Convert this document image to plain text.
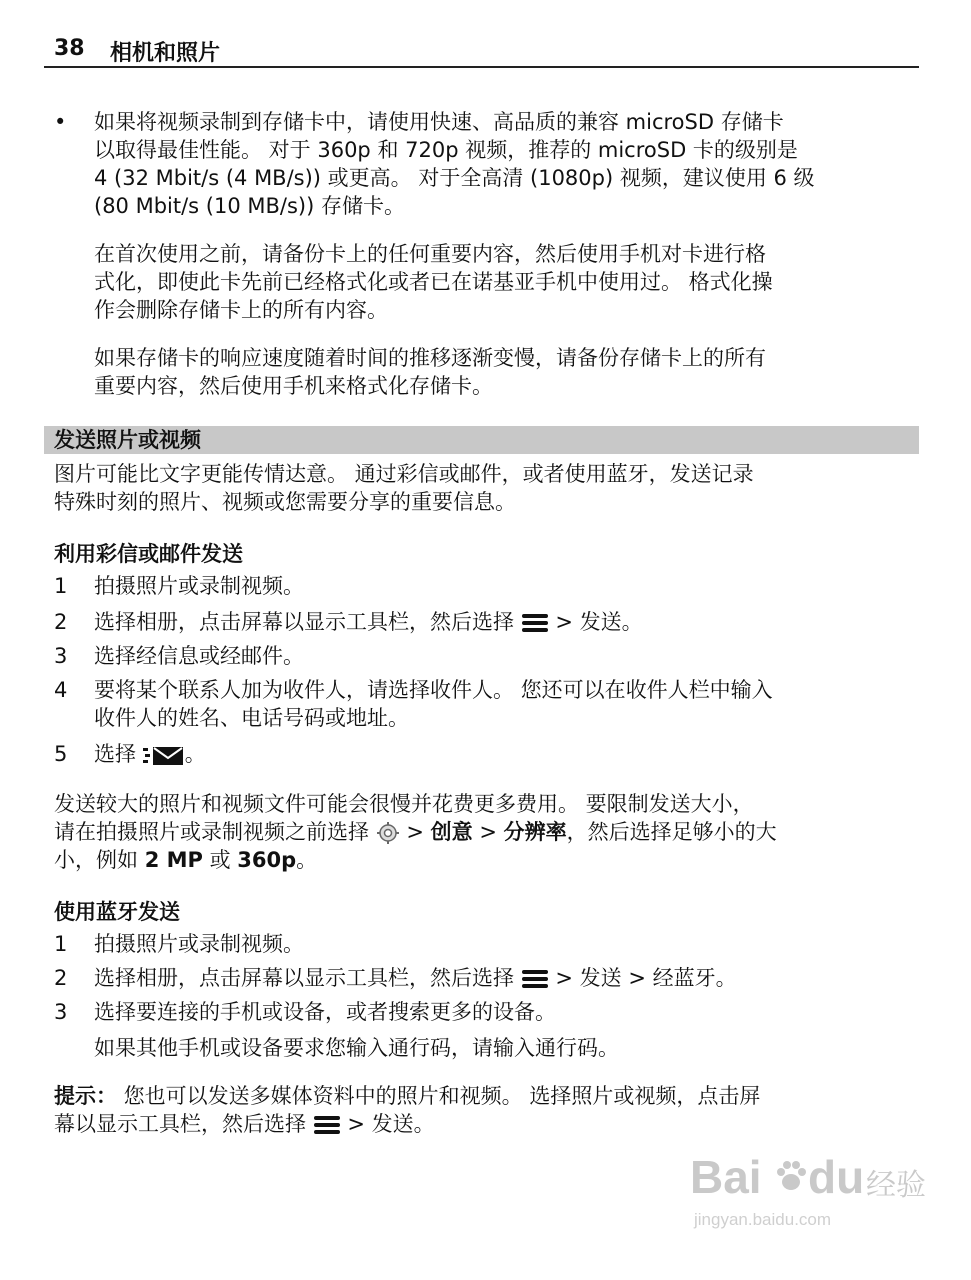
38 相机和照片
• 如果将视频录制到存储卡中，请使用快速、高品质的兼容 microSD 存储卡
以取得最佳性能。 对于 360p 和 720p 视频，推荐的 microSD 卡的级别是
4 (32 Mbit/s (4 MB/s)) 或更高。 对于全高清 (1080p) 视频，建议使用 6 级
(80 Mbit/s (10 MB/s)) 存储卡。
在首次使用之前，请备份卡上的任何重要内容，然后使用手机对卡进行格
式化，即使此卡先前已经格式化或者已在诺基亚手机中使用过。 格式化操
作会删除存储卡上的所有内容。
如果存储卡的响应速度随着时间的推移逐渐变慢，请备份存储卡上的所有
重要内容，然后使用手机来格式化存储卡。
发送照片或视频
图片可能比文字更能传情达意。 通过彩信或邮件，或者使用蓝牙，发送记录
特殊时刻的照片、视频或您需要分享的重要信息。
利用彩信或邮件发送
1 拍摄照片或录制视频。
2 选择相册，点击屏幕以显示工具栏，然后选择  > 发送。
3 选择经信息或经邮件。
4 要将某个联系人加为收件人，请选择收件人。 您还可以在收件人栏中输入
收件人的姓名、电话号码或地址。
5 选择 。
发送较大的照片和视频文件可能会很慢并花费更多费用。 要限制发送大小，
请在拍摄照片或录制视频之前选择  > 创意 > 分辨率，然后选择足够小的大
小，例如 2 MP 或 360p。
使用蓝牙发送
1 拍摄照片或录制视频。
2 选择相册，点击屏幕以显示工具栏，然后选择  > 发送 > 经蓝牙。
3 选择要连接的手机或设备，或者搜索更多的设备。
如果其他手机或设备要求您输入通行码，请输入通行码。
提示： 您也可以发送多媒体资料中的照片和视频。 选择照片或视频，点击屏
幕以显示工具栏，然后选择  > 发送。
Bai du 经验
jingyan.baidu.com
